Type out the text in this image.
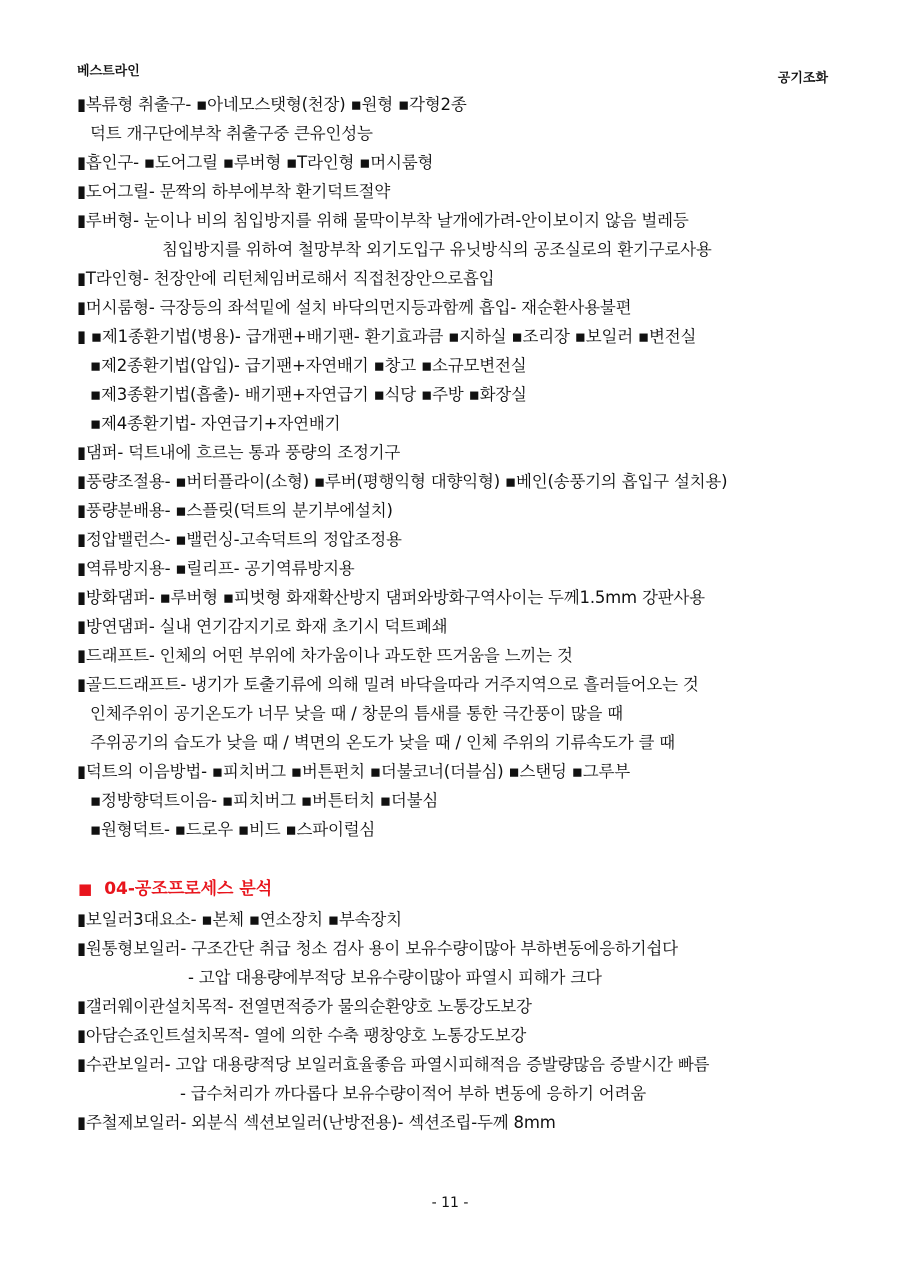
베스트라인	공기조화
▮복류형 취출구- ▪아네모스탯형(천장) ▪원형 ▪각형2종
덕트 개구단에부착 취출구중 큰유인성능
▮흡인구- ▪도어그릴 ▪루버형 ▪T라인형 ▪머시룸형
▮도어그릴- 문짝의 하부에부착 환기덕트절약
▮루버형- 눈이나 비의 침입방지를 위해 물막이부착 날개에가려-안이보이지 않음 벌레등
침입방지를 위하여 철망부착 외기도입구 유닛방식의 공조실로의 환기구로사용
▮T라인형- 천장안에 리턴체임버로해서 직접천장안으로흡입
▮머시룸형- 극장등의 좌석밑에 설치 바닥의먼지등과함께 흡입- 재순환사용불편
▮ ▪제1종환기법(병용)- 급개팬+배기팬- 환기효과큼 ▪지하실 ▪조리장 ▪보일러 ▪변전실
▪제2종환기법(압입)- 급기팬+자연배기 ▪창고 ▪소규모변전실
▪제3종환기법(흡출)- 배기팬+자연급기 ▪식당 ▪주방 ▪화장실
▪제4종환기법- 자연급기+자연배기
▮댐퍼- 덕트내에 흐르는 통과 풍량의 조정기구
▮풍량조절용- ▪버터플라이(소형) ▪루버(평행익형 대향익형) ▪베인(송풍기의 흡입구 설치용)
▮풍량분배용- ▪스플릿(덕트의 분기부에설치)
▮정압밸런스- ▪밸런싱-고속덕트의 정압조정용
▮역류방지용- ▪릴리프- 공기역류방지용
▮방화댐퍼- ▪루버형 ▪피벗형 화재확산방지 댐퍼와방화구역사이는 두께1.5mm 강판사용
▮방연댐퍼- 실내 연기감지기로 화재 초기시 덕트폐쇄
▮드래프트- 인체의 어떤 부위에 차가움이나 과도한 뜨거움을 느끼는 것
▮골드드래프트- 냉기가 토출기류에 의해 밀려 바닥을따라 거주지역으로 흘러들어오는 것
인체주위이 공기온도가 너무 낮을 때 / 창문의 틈새를 통한 극간풍이 많을 때
주위공기의 습도가 낮을 때 / 벽면의 온도가 낮을 때 / 인체 주위의 기류속도가 클 때
▮덕트의 이음방법- ▪피치버그 ▪버튼펀치 ▪더불코너(더블심) ▪스탠딩 ▪그루부
▪정방향덕트이음- ▪피치버그 ▪버튼터치 ▪더불심
▪원형덕트- ▪드로우 ▪비드 ▪스파이럴심
■ 04-공조프로세스 분석
▮보일러3대요소- ▪본체 ▪연소장치 ▪부속장치
▮원통형보일러- 구조간단 취급 청소 검사 용이 보유수량이많아 부하변동에응하기쉽다
- 고압 대용량에부적당 보유수량이많아 파열시 피해가 크다
▮갤러웨이관설치목적- 전열면적증가 물의순환양호 노통강도보강
▮아담슨죠인트설치목적- 열에 의한 수축 팽창양호 노통강도보강
▮수관보일러- 고압 대용량적당 보일러효율좋음 파열시피해적음 증발량많음 증발시간 빠름
- 급수처리가 까다롭다 보유수량이적어 부하 변동에 응하기 어려움
▮주철제보일러- 외분식 섹션보일러(난방전용)- 섹션조립-두께 8mm
- 11 -
